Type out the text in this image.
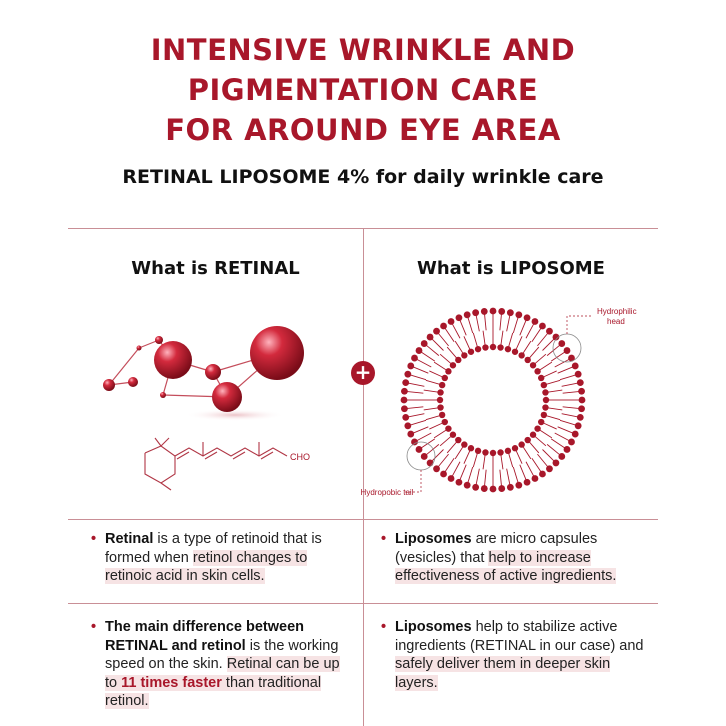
INTENSIVE WRINKLE AND
PIGMENTATION CARE
FOR AROUND EYE AREA
RETINAL LIPOSOME 4% for daily wrinkle care
What is RETINAL	What is LIPOSOME
+
CHO
Hydrophilic
head
Hydropobic tail
• Retinal is a type of retinoid that is formed when retinol changes to retinoic acid in skin cells.
• The main difference between RETINAL and retinol is the working speed on the skin. Retinal can be up to 11 times faster than traditional retinol.
• Liposomes are micro capsules (vesicles) that help to increase effectiveness of active ingredients.
• Liposomes help to stabilize active ingredients (RETINAL in our case) and safely deliver them in deeper skin layers.
